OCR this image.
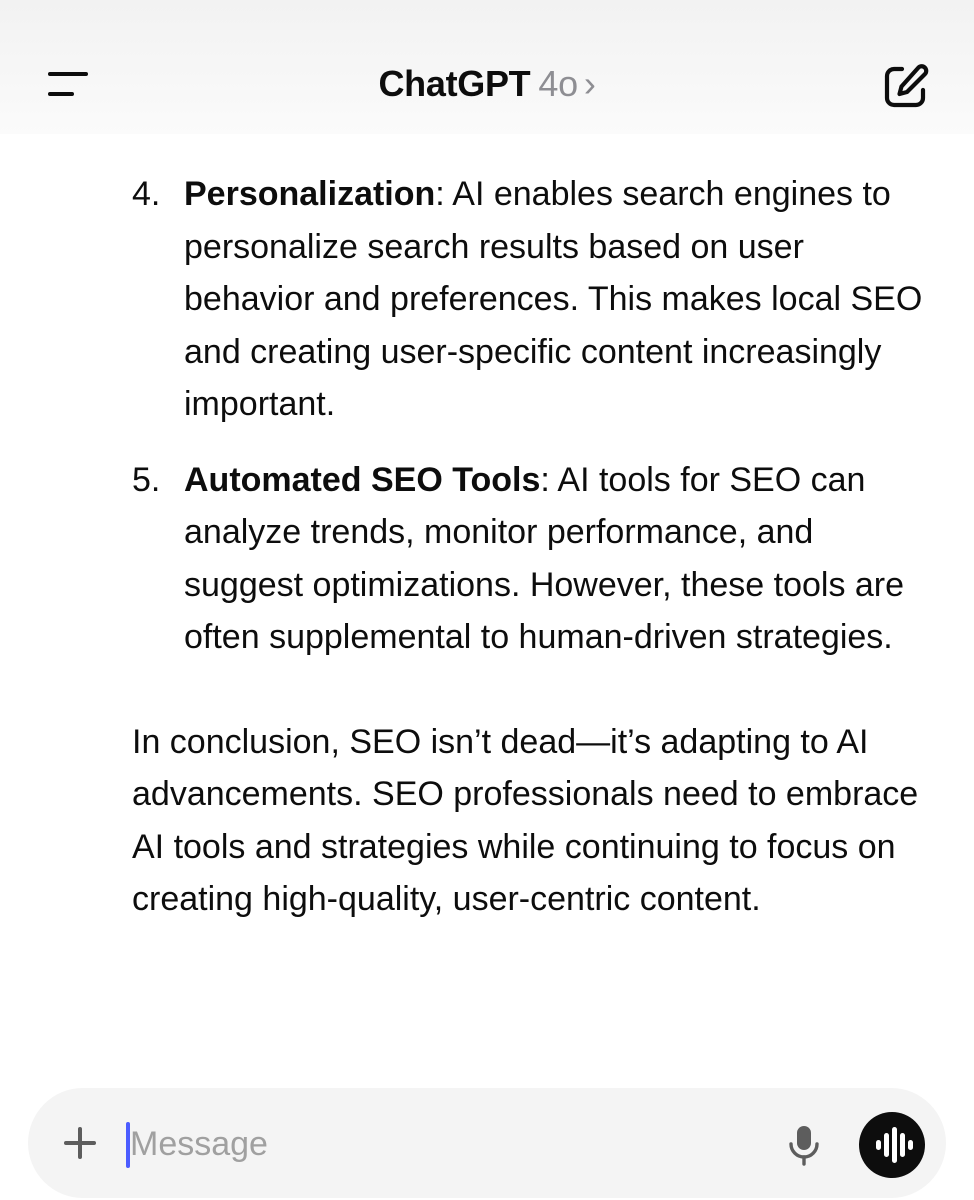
ChatGPT 4o ›
4. Personalization: AI enables search engines to personalize search results based on user behavior and preferences. This makes local SEO and creating user-specific content increasingly important.
5. Automated SEO Tools: AI tools for SEO can analyze trends, monitor performance, and suggest optimizations. However, these tools are often supplemental to human-driven strategies.

In conclusion, SEO isn’t dead—it’s adapting to AI advancements. SEO professionals need to embrace AI tools and strategies while continuing to focus on creating high-quality, user-centric content.

Message
